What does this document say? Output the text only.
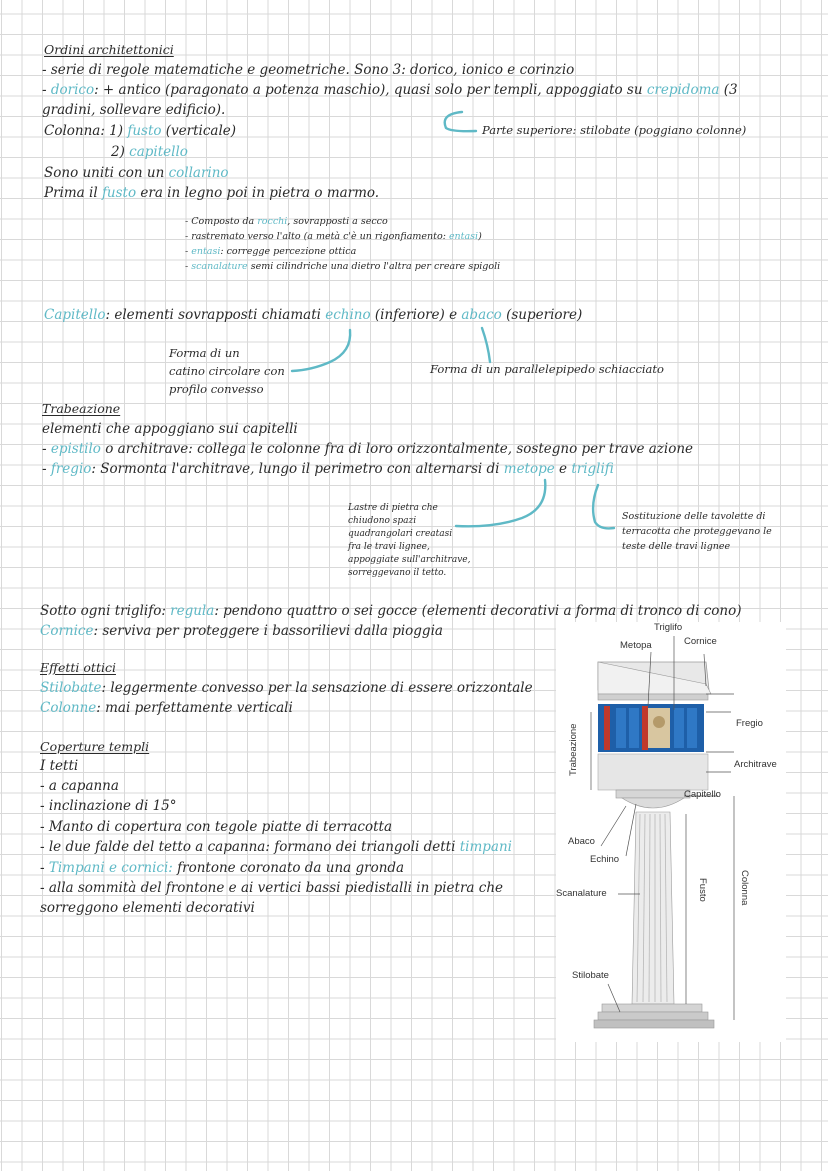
Ordini architettonici
- serie di regole matematiche e geometriche. Sono 3: dorico, ionico e corinzio
- dorico: + antico (paragonato a potenza maschio), quasi solo per templi, appoggiato su crepidoma (3
gradini, sollevare edificio).
Colonna: 1) fusto (verticale)	Parte superiore: stilobate (poggiano colonne)
2) capitello
Sono uniti con un collarino
Prima il fusto era in legno poi in pietra o marmo.
- Composto da rocchi, sovrapposti a secco
- rastremato verso l'alto (a metà c'è un rigonfiamento: entasi)
- entasi: corregge percezione ottica
- scanalature semi cilindriche una dietro l'altra per creare spigoli
Capitello: elementi sovrapposti chiamati echino (inferiore) e abaco (superiore)
Forma di un
catino circolare con
profilo convesso
Forma di un parallelepipedo schiacciato
Trabeazione
elementi che appoggiano sui capitelli
- epistilo o architrave: collega le colonne fra di loro orizzontalmente, sostegno per trave azione
- fregio: Sormonta l'architrave, lungo il perimetro con alternarsi di metope e triglifi
Lastre di pietra che
chiudono spazi
quadrangolari creatasi
fra le travi lignee,
appoggiate sull'architrave,
sorreggevano il tetto.
Sostituzione delle tavolette di
terracotta che proteggevano le
teste delle travi lignee
Sotto ogni triglifo: regula: pendono quattro o sei gocce (elementi decorativi a forma di tronco di cono)
Cornice: serviva per proteggere i bassorilievi dalla pioggia
Effetti ottici
Stilobate: leggermente convesso per la sensazione di essere orizzontale
Colonne: mai perfettamente verticali
Coperture templi
I tetti
- a capanna
- inclinazione di 15°
- Manto di copertura con tegole piatte di terracotta
- le due falde del tetto a capanna: formano dei triangoli detti timpani
- Timpani e cornici: frontone coronato da una gronda
- alla sommità del frontone e ai vertici bassi piedistalli in pietra che
sorreggono elementi decorativi
Triglifo
Metopa	Cornice
Fregio
Architrave
Trabeazione
Capitello
Abaco
Echino
Scanalature	Fusto	Colonna
Stilobate
